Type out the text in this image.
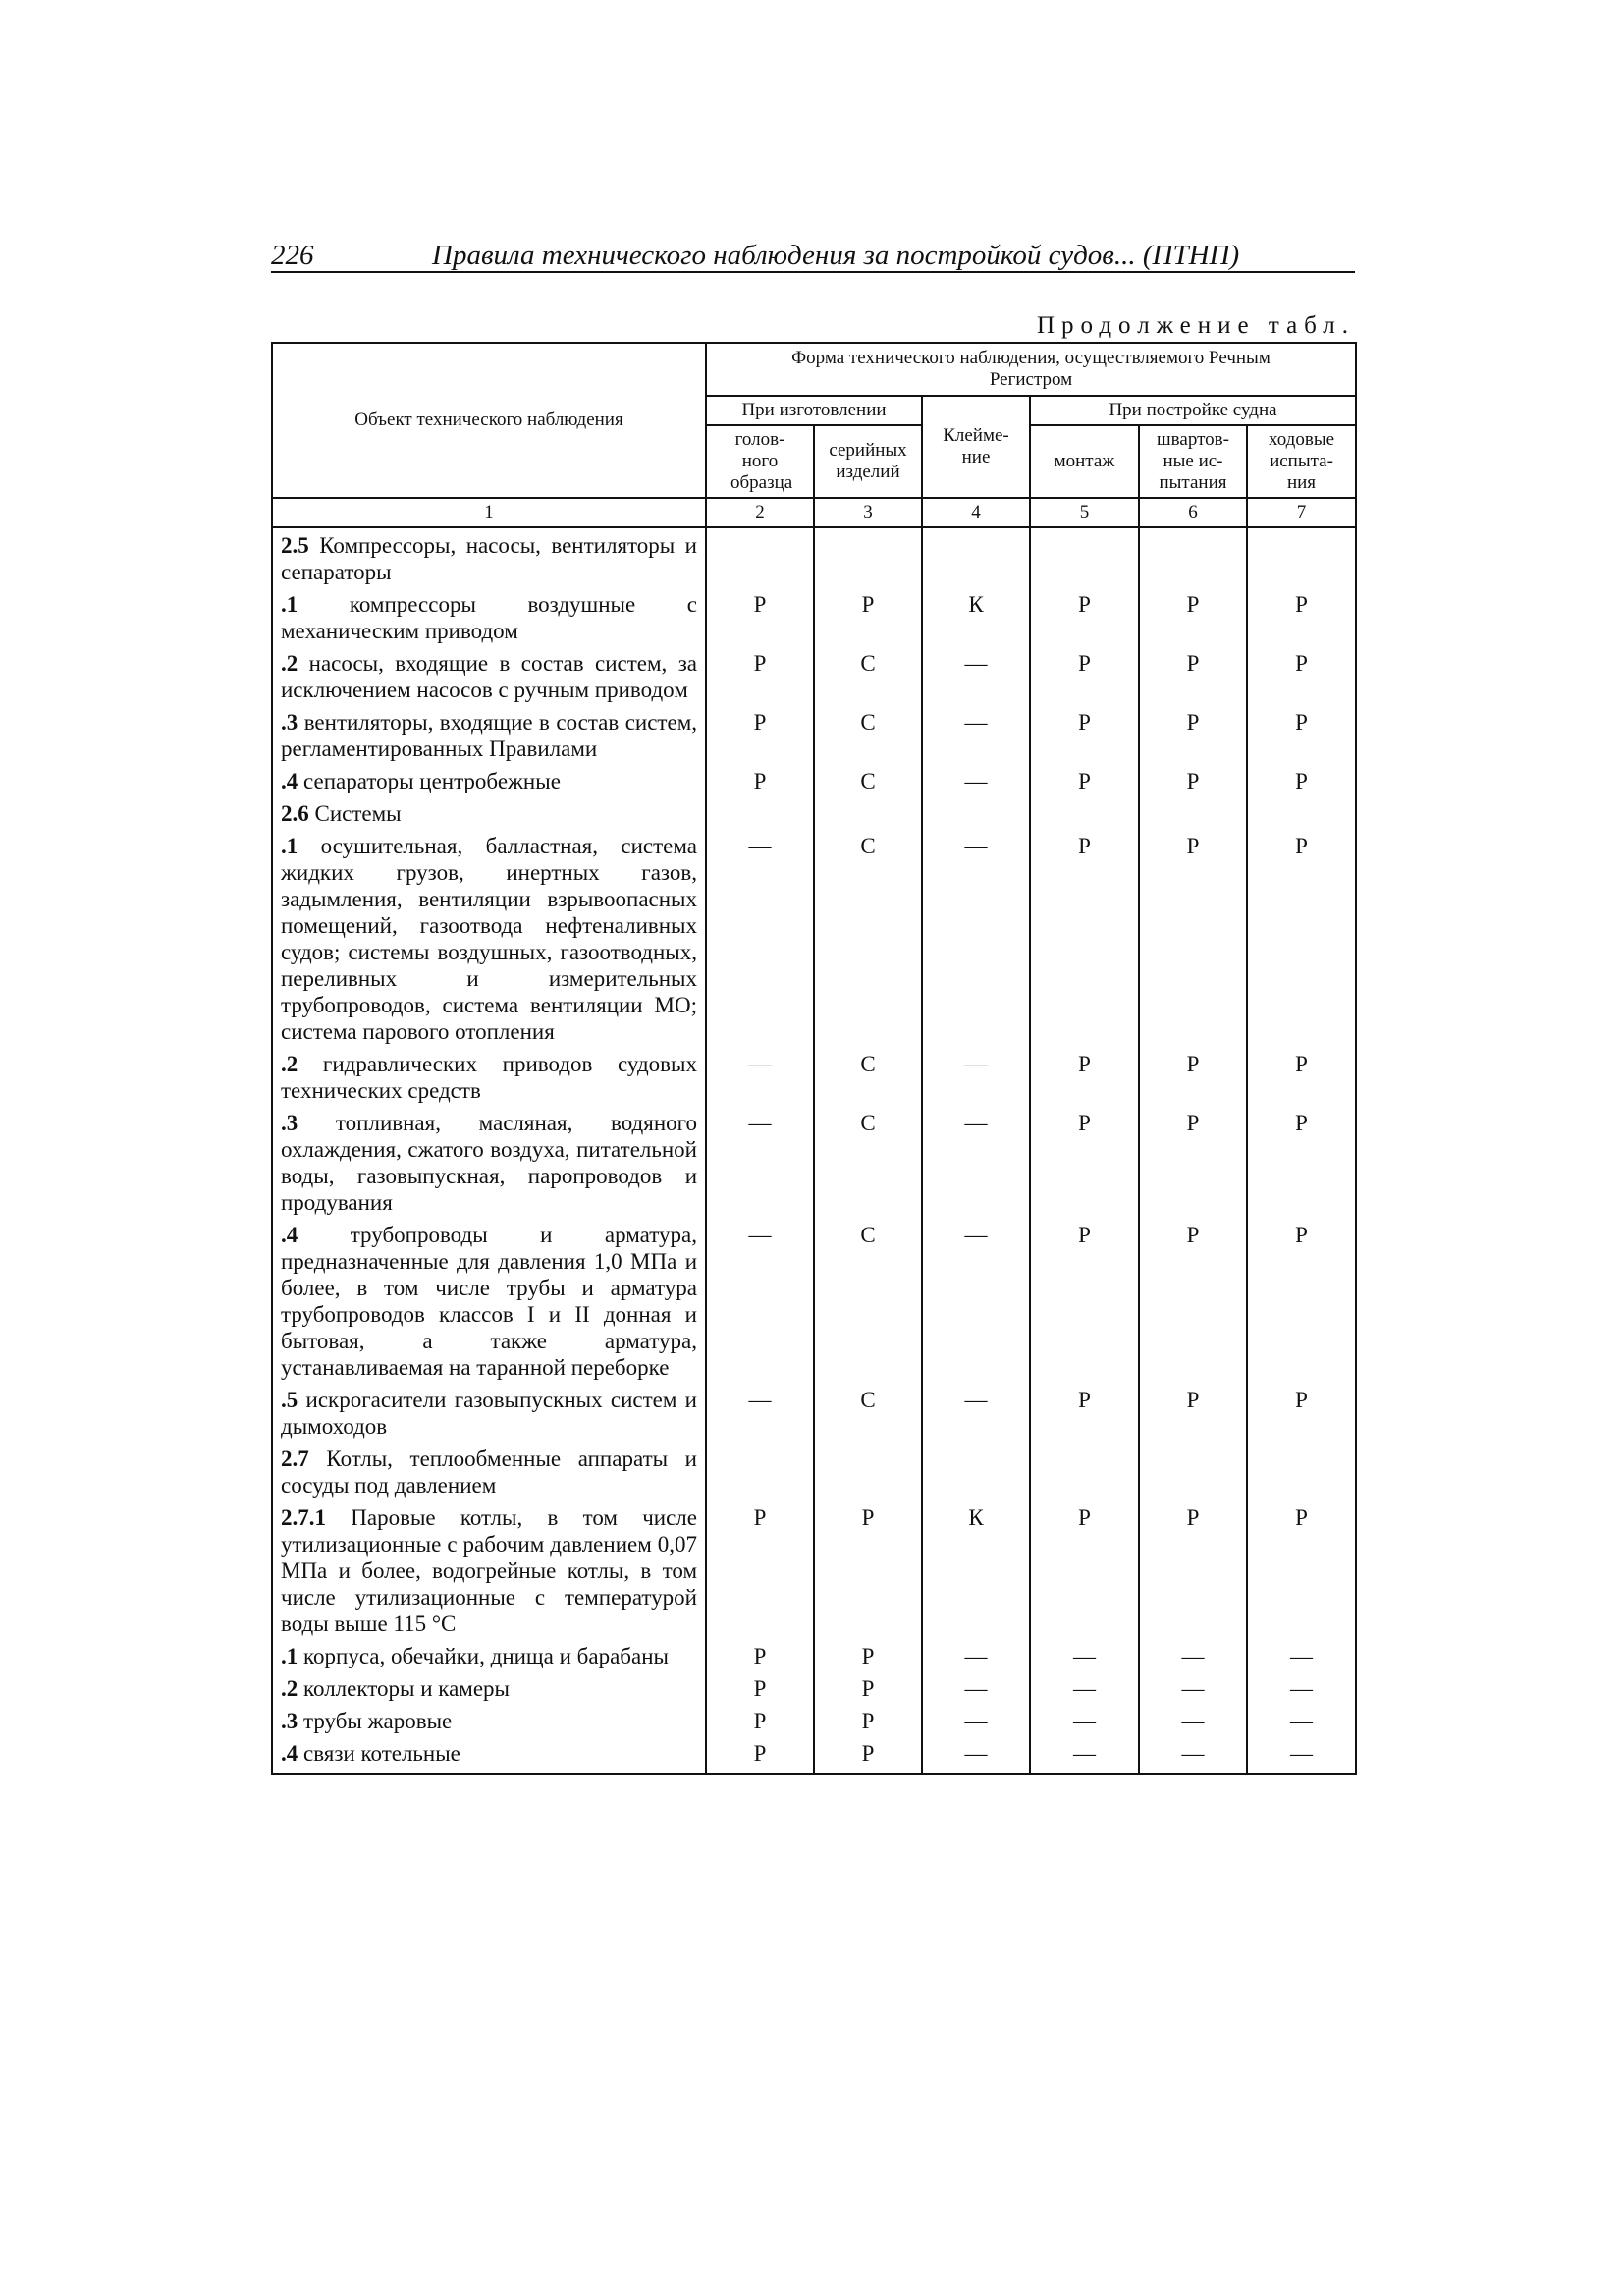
226	Правила технического наблюдения за постройкой судов... (ПТНП)
Продолжение табл.
Объект технического наблюдения	Форма технического наблюдения, осуществляемого Речным Регистром					
	При изготовлении		Клейме-ние	При постройке судна		
	голов-ного образца	серийных изделий		монтаж	швартов-ные ис-пытания	ходовые испыта-ния
1	2	3	4	5	6	7
2.5 Компрессоры, насосы, вентиляторы и сепараторы						
.1 компрессоры воздушные с механическим приводом	Р	Р	К	Р	Р	Р
.2 насосы, входящие в состав систем, за исключением насосов с ручным приводом	Р	С	—	Р	Р	Р
.3 вентиляторы, входящие в состав систем, регламентированных Правилами	Р	С	—	Р	Р	Р
.4 сепараторы центробежные	Р	С	—	Р	Р	Р
2.6 Системы						
.1 осушительная, балластная, система жидких грузов, инертных газов, задымления, вентиляции взрывоопасных помещений, газоотвода нефтеналивных судов; системы воздушных, газоотводных, переливных и измерительных трубопроводов, система вентиляции МО; система парового отопления	—	С	—	Р	Р	Р
.2 гидравлических приводов судовых технических средств	—	С	—	Р	Р	Р
.3 топливная, масляная, водяного охлаждения, сжатого воздуха, питательной воды, газовыпускная, паропроводов и продувания	—	С	—	Р	Р	Р
.4 трубопроводы и арматура, предназначенные для давления 1,0 МПа и более, в том числе трубы и арматура трубопроводов классов I и II донная и бытовая, а также арматура, устанавливаемая на таранной переборке	—	С	—	Р	Р	Р
.5 искрогасители газовыпускных систем и дымоходов	—	С	—	Р	Р	Р
2.7 Котлы, теплообменные аппараты и сосуды под давлением						
2.7.1 Паровые котлы, в том числе утилизационные с рабочим давлением 0,07 МПа и более, водогрейные котлы, в том числе утилизационные с температурой воды выше 115 °С	Р	Р	К	Р	Р	Р
.1 корпуса, обечайки, днища и барабаны	Р	Р	—	—	—	—
.2 коллекторы и камеры	Р	Р	—	—	—	—
.3 трубы жаровые	Р	Р	—	—	—	—
.4 связи котельные	Р	Р	—	—	—	—
